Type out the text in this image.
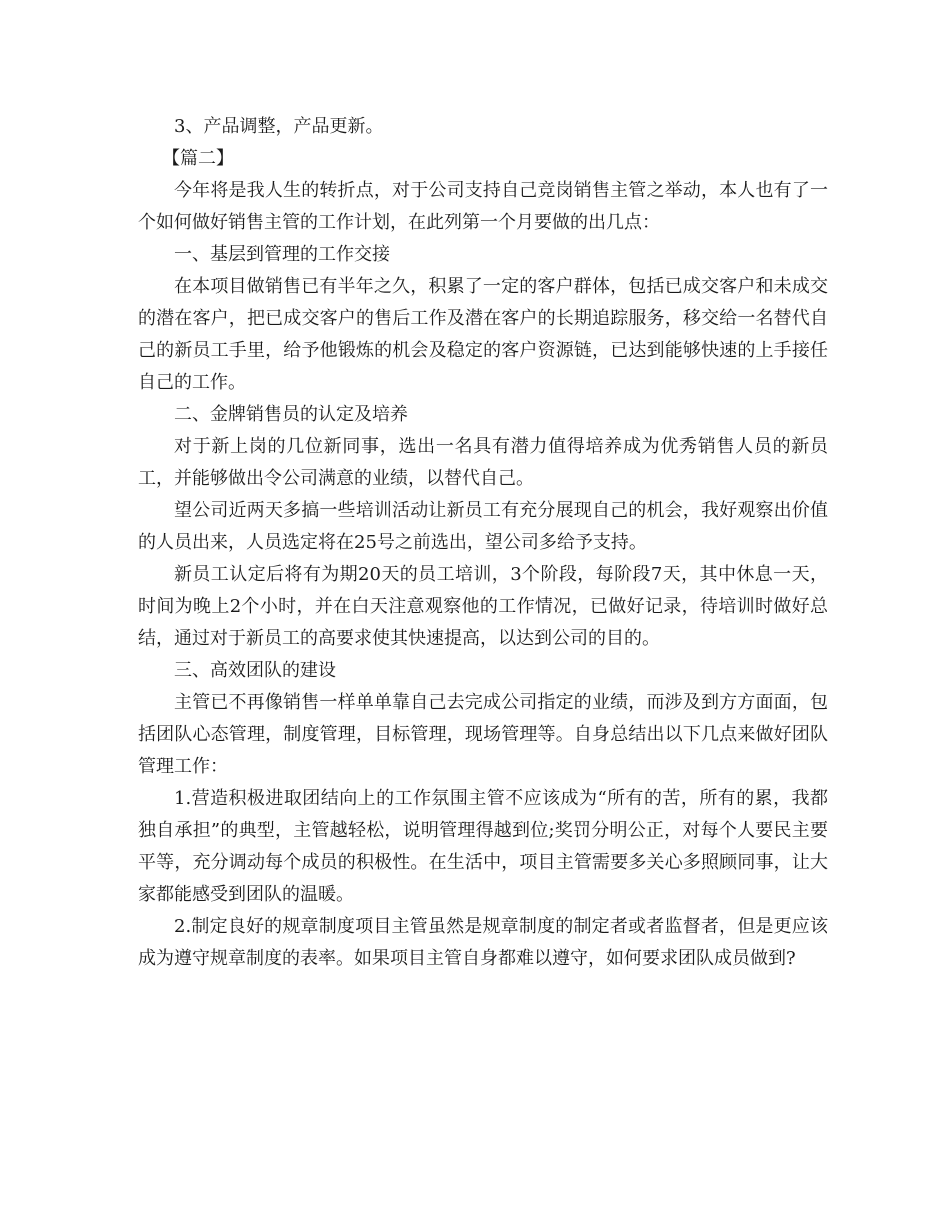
3、产品调整，产品更新。

【篇二】

今年将是我人生的转折点，对于公司支持自己竞岗销售主管之举动，本人也有了一个如何做好销售主管的工作计划，在此列第一个月要做的出几点：

一、基层到管理的工作交接

在本项目做销售已有半年之久，积累了一定的客户群体，包括已成交客户和未成交的潜在客户，把已成交客户的售后工作及潜在客户的长期追踪服务，移交给一名替代自己的新员工手里，给予他锻炼的机会及稳定的客户资源链，已达到能够快速的上手接任自己的工作。

二、金牌销售员的认定及培养

对于新上岗的几位新同事，选出一名具有潜力值得培养成为优秀销售人员的新员工，并能够做出令公司满意的业绩，以替代自己。

望公司近两天多搞一些培训活动让新员工有充分展现自己的机会，我好观察出价值的人员出来，人员选定将在25号之前选出，望公司多给予支持。

新员工认定后将有为期20天的员工培训，3个阶段，每阶段7天，其中休息一天，时间为晚上2个小时，并在白天注意观察他的工作情况，已做好记录，待培训时做好总结，通过对于新员工的高要求使其快速提高，以达到公司的目的。

三、高效团队的建设

主管已不再像销售一样单单靠自己去完成公司指定的业绩，而涉及到方方面面，包括团队心态管理，制度管理，目标管理，现场管理等。自身总结出以下几点来做好团队管理工作：

1.营造积极进取团结向上的工作氛围主管不应该成为“所有的苦，所有的累，我都独自承担”的典型，主管越轻松，说明管理得越到位;奖罚分明公正，对每个人要民主要平等，充分调动每个成员的积极性。在生活中，项目主管需要多关心多照顾同事，让大家都能感受到团队的温暖。

2.制定良好的规章制度项目主管虽然是规章制度的制定者或者监督者，但是更应该成为遵守规章制度的表率。如果项目主管自身都难以遵守，如何要求团队成员做到?
